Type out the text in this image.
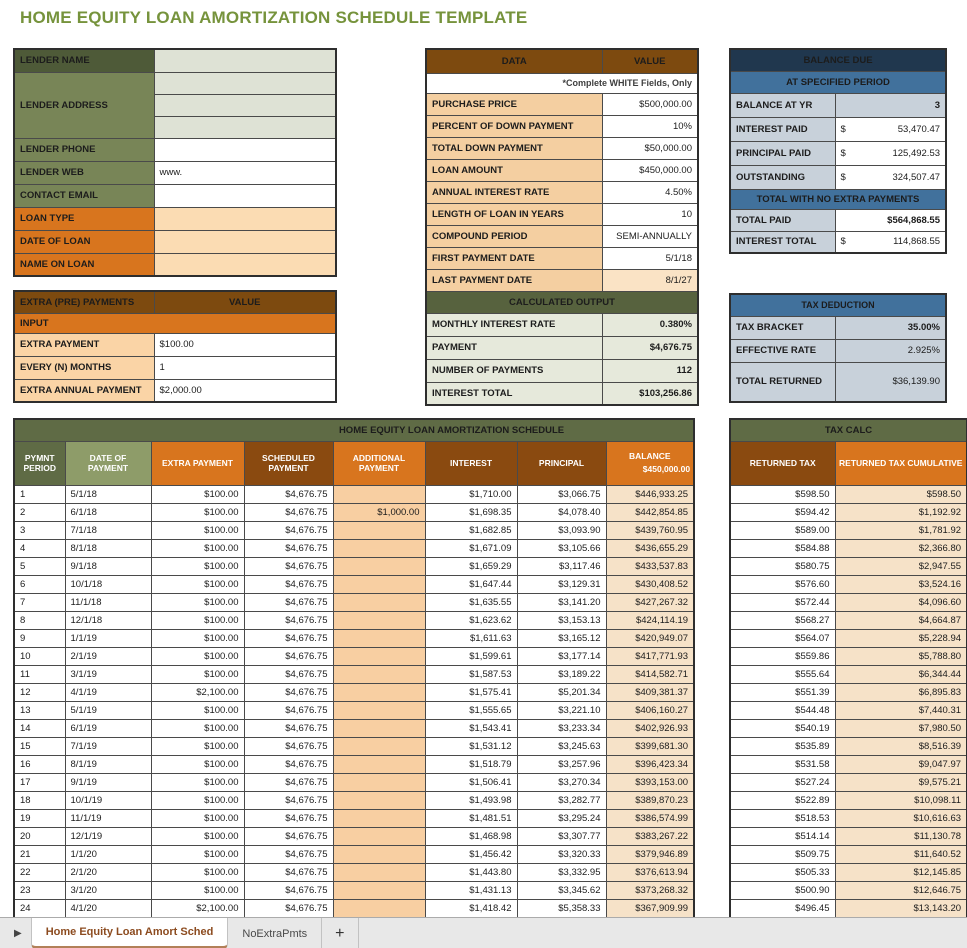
HOME EQUITY LOAN AMORTIZATION SCHEDULE TEMPLATE
LENDER NAME	
LENDER ADDRESS	

LENDER PHONE	
LENDER WEB	www.
CONTACT EMAIL	
LOAN TYPE	
DATE OF LOAN	
NAME ON LOAN	
EXTRA (PRE) PAYMENTS	VALUE
INPUT	
EXTRA PAYMENT	$100.00
EVERY (N) MONTHS	1
EXTRA ANNUAL PAYMENT	$2,000.00
DATA	VALUE
*Complete WHITE Fields, Only	
PURCHASE PRICE	$500,000.00
PERCENT OF DOWN PAYMENT	10%
TOTAL DOWN PAYMENT	$50,000.00
LOAN AMOUNT	$450,000.00
ANNUAL INTEREST RATE	4.50%
LENGTH OF LOAN IN YEARS	10
COMPOUND PERIOD	SEMI-ANNUALLY
FIRST PAYMENT DATE	5/1/18
LAST PAYMENT DATE	8/1/27
CALCULATED OUTPUT	
MONTHLY INTEREST RATE	0.380%
PAYMENT	$4,676.75
NUMBER OF PAYMENTS	112
INTEREST TOTAL	$103,256.86
BALANCE DUE	
AT SPECIFIED PERIOD	
BALANCE AT YR	3
INTEREST PAID	$ 53,470.47

PRINCIPAL PAID	$ 125,492.53

OUTSTANDING	$ 324,507.47

TOTAL WITH NO EXTRA PAYMENTS	
TOTAL PAID	$564,868.55
INTEREST TOTAL	$ 114,868.55
TAX DEDUCTION	
TAX BRACKET	35.00%
EFFECTIVE RATE	2.925%
TOTAL RETURNED	$36,139.90
HOME EQUITY LOAN AMORTIZATION SCHEDULE							
PYMNT PERIOD	DATE OF PAYMENT	EXTRA PAYMENT	SCHEDULED PAYMENT	ADDITIONAL PAYMENT	INTEREST	PRINCIPAL	BALANCE
$450,000.00

1	5/1/18	$100.00	$4,676.75		$1,710.00	$3,066.75	$446,933.25
2	6/1/18	$100.00	$4,676.75	$1,000.00	$1,698.35	$4,078.40	$442,854.85
3	7/1/18	$100.00	$4,676.75		$1,682.85	$3,093.90	$439,760.95
4	8/1/18	$100.00	$4,676.75		$1,671.09	$3,105.66	$436,655.29
5	9/1/18	$100.00	$4,676.75		$1,659.29	$3,117.46	$433,537.83
6	10/1/18	$100.00	$4,676.75		$1,647.44	$3,129.31	$430,408.52
7	11/1/18	$100.00	$4,676.75		$1,635.55	$3,141.20	$427,267.32
8	12/1/18	$100.00	$4,676.75		$1,623.62	$3,153.13	$424,114.19
9	1/1/19	$100.00	$4,676.75		$1,611.63	$3,165.12	$420,949.07
10	2/1/19	$100.00	$4,676.75		$1,599.61	$3,177.14	$417,771.93
11	3/1/19	$100.00	$4,676.75		$1,587.53	$3,189.22	$414,582.71
12	4/1/19	$2,100.00	$4,676.75		$1,575.41	$5,201.34	$409,381.37
13	5/1/19	$100.00	$4,676.75		$1,555.65	$3,221.10	$406,160.27
14	6/1/19	$100.00	$4,676.75		$1,543.41	$3,233.34	$402,926.93
15	7/1/19	$100.00	$4,676.75		$1,531.12	$3,245.63	$399,681.30
16	8/1/19	$100.00	$4,676.75		$1,518.79	$3,257.96	$396,423.34
17	9/1/19	$100.00	$4,676.75		$1,506.41	$3,270.34	$393,153.00
18	10/1/19	$100.00	$4,676.75		$1,493.98	$3,282.77	$389,870.23
19	11/1/19	$100.00	$4,676.75		$1,481.51	$3,295.24	$386,574.99
20	12/1/19	$100.00	$4,676.75		$1,468.98	$3,307.77	$383,267.22
21	1/1/20	$100.00	$4,676.75		$1,456.42	$3,320.33	$379,946.89
22	2/1/20	$100.00	$4,676.75		$1,443.80	$3,332.95	$376,613.94
23	3/1/20	$100.00	$4,676.75		$1,431.13	$3,345.62	$373,268.32
24	4/1/20	$2,100.00	$4,676.75		$1,418.42	$5,358.33	$367,909.99

TAX CALC	
RETURNED TAX	RETURNED TAX CUMULATIVE
$598.50	$598.50
$594.42	$1,192.92
$589.00	$1,781.92
$584.88	$2,366.80
$580.75	$2,947.55
$576.60	$3,524.16
$572.44	$4,096.60
$568.27	$4,664.87
$564.07	$5,228.94
$559.86	$5,788.80
$555.64	$6,344.44
$551.39	$6,895.83
$544.48	$7,440.31
$540.19	$7,980.50
$535.89	$8,516.39
$531.58	$9,047.97
$527.24	$9,575.21
$522.89	$10,098.11
$518.53	$10,616.63
$514.14	$11,130.78
$509.75	$11,640.52
$505.33	$12,145.85
$500.90	$12,646.75
$496.45	$13,143.20

▶ Home Equity Loan Amort Sched	NoExtraPmts +
